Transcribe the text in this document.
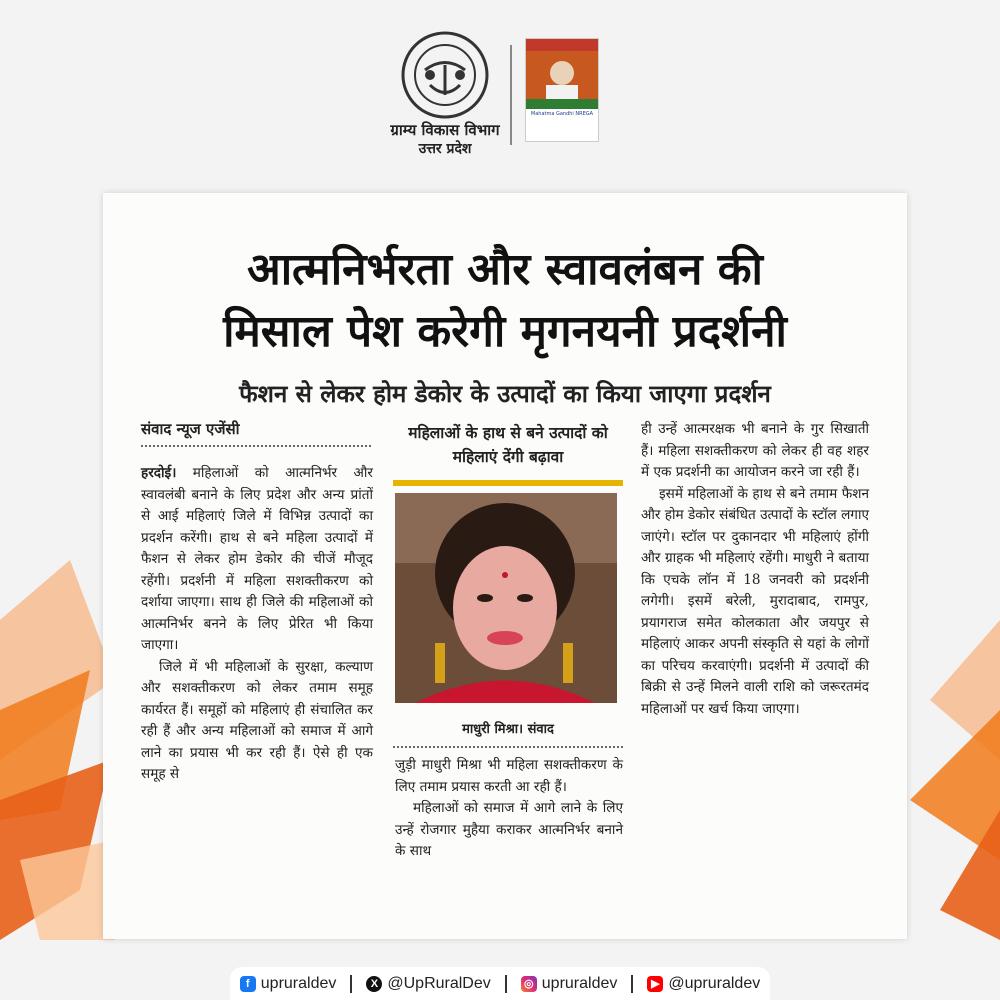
ग्राम्य विकास विभाग
उत्तर प्रदेश
Mahatma Gandhi NREGA
आत्मनिर्भरता और स्वावलंबन की
मिसाल पेश करेगी मृगनयनी प्रदर्शनी
फैशन से लेकर होम डेकोर के उत्पादों का किया जाएगा प्रदर्शन
संवाद न्यूज एजेंसी

हरदोई। महिलाओं को आत्मनिर्भर और स्वावलंबी बनाने के लिए प्रदेश और अन्य प्रांतों से आई महिलाएं जिले में विभिन्न उत्पादों का प्रदर्शन करेंगी। हाथ से बने महिला उत्पादों में फैशन से लेकर होम डेकोर की चीजें मौजूद रहेंगी। प्रदर्शनी में महिला सशक्तीकरण को दर्शाया जाएगा। साथ ही जिले की महिलाओं को आत्मनिर्भर बनने के लिए प्रेरित भी किया जाएगा।

जिले में भी महिलाओं के सुरक्षा, कल्याण और सशक्तीकरण को लेकर तमाम समूह कार्यरत हैं। समूहों को महिलाएं ही संचालित कर रही हैं और अन्य महिलाओं को समाज में आगे लाने का प्रयास भी कर रही हैं। ऐसे ही एक समूह से

महिलाओं के हाथ से बने उत्पादों को महिलाएं देंगी बढ़ावा
माधुरी मिश्रा। संवाद

जुड़ी माधुरी मिश्रा भी महिला सशक्तीकरण के लिए तमाम प्रयास करती आ रही हैं।

महिलाओं को समाज में आगे लाने के लिए उन्हें रोजगार मुहैया कराकर आत्मनिर्भर बनाने के साथ

ही उन्हें आत्मरक्षक भी बनाने के गुर सिखाती हैं। महिला सशक्तीकरण को लेकर ही वह शहर में एक प्रदर्शनी का आयोजन करने जा रही हैं।

इसमें महिलाओं के हाथ से बने तमाम फैशन और होम डेकोर संबंधित उत्पादों के स्टॉल लगाए जाएंगे। स्टॉल पर दुकानदार भी महिलाएं होंगी और ग्राहक भी महिलाएं रहेंगी। माधुरी ने बताया कि एचके लॉन में 18 जनवरी को प्रदर्शनी लगेगी। इसमें बरेली, मुरादाबाद, रामपुर, प्रयागराज समेत कोलकाता और जयपुर से महिलाएं आकर अपनी संस्कृति से यहां के लोगों का परिचय करवाएंगी। प्रदर्शनी में उत्पादों की बिक्री से उन्हें मिलने वाली राशि को जरूरतमंद महिलाओं पर खर्च किया जाएगा।

f upruraldev	X @UpRuralDev	◎ upruraldev	▶ @upruraldev
